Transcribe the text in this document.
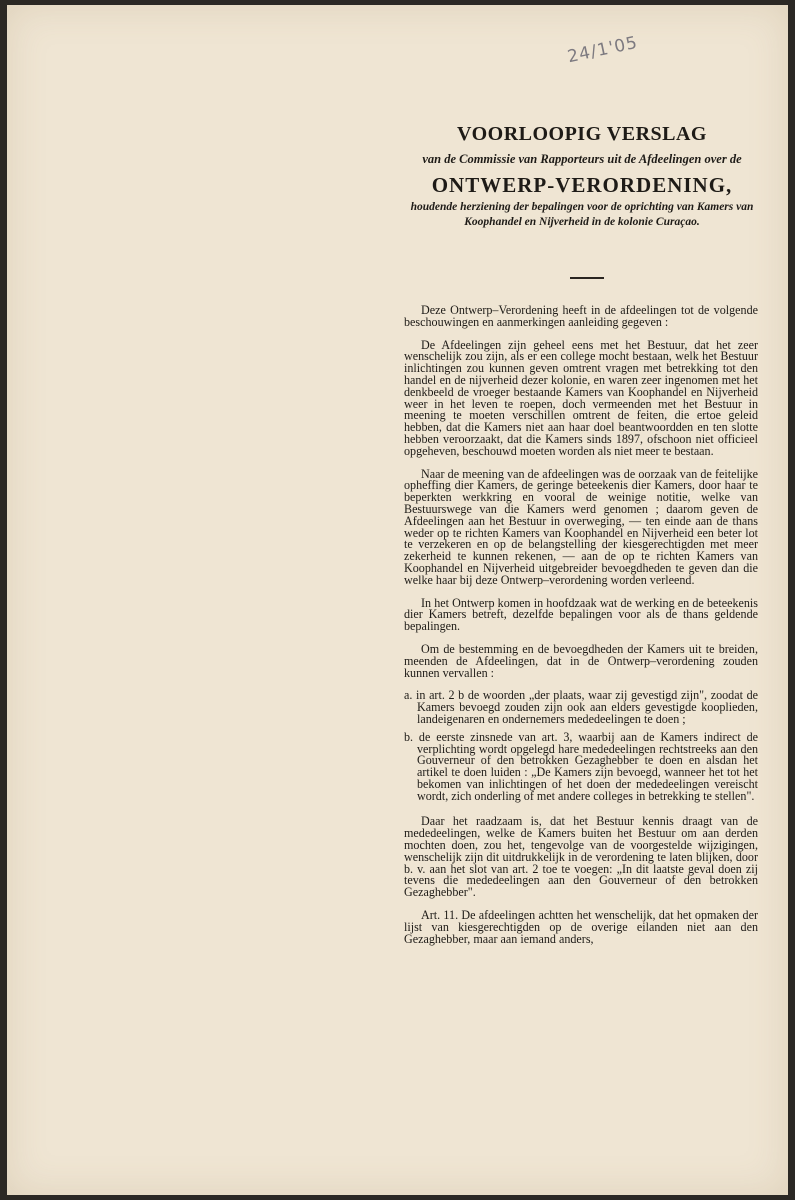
24/1'05
VOORLOOPIG VERSLAG
van de Commissie van Rapporteurs uit de Afdeelingen over de
ONTWERP-VERORDENING,
houdende herziening der bepalingen voor de oprichting van Kamers van Koophandel en Nijverheid in de kolonie Curaçao.

Deze Ontwerp–Verordening heeft in de afdeelingen tot de volgende beschouwingen en aanmerkingen aanleiding gegeven :

De Afdeelingen zijn geheel eens met het Bestuur, dat het zeer wenschelijk zou zijn, als er een college mocht bestaan, welk het Bestuur inlichtingen zou kunnen geven omtrent vragen met betrekking tot den handel en de nijverheid dezer kolonie, en waren zeer ingenomen met het denkbeeld de vroeger bestaande Kamers van Koophandel en Nijverheid weer in het leven te roepen, doch vermeenden met het Bestuur in meening te moeten verschillen omtrent de feiten, die ertoe geleid hebben, dat die Kamers niet aan haar doel beantwoordden en ten slotte hebben veroorzaakt, dat die Kamers sinds 1897, ofschoon niet officieel opgeheven, beschouwd moeten worden als niet meer te bestaan.

Naar de meening van de afdeelingen was de oorzaak van de feitelijke opheffing dier Kamers, de geringe beteekenis dier Kamers, door haar te beperkten werkkring en vooral de weinige notitie, welke van Bestuurswege van die Kamers werd genomen ; daarom geven de Afdeelingen aan het Bestuur in overweging, — ten einde aan de thans weder op te richten Kamers van Koophandel en Nijverheid een beter lot te verzekeren en op de belangstelling der kiesgerechtigden met meer zekerheid te kunnen rekenen, — aan de op te richten Kamers van Koophandel en Nijverheid uitgebreider bevoegdheden te geven dan die welke haar bij deze Ontwerp–verordening worden verleend.

In het Ontwerp komen in hoofdzaak wat de werking en de beteekenis dier Kamers betreft, dezelfde bepalingen voor als de thans geldende bepalingen.

Om de bestemming en de bevoegdheden der Kamers uit te breiden, meenden de Afdeelingen, dat in de Ontwerp–verordening zouden kunnen vervallen :

a. in art. 2 b de woorden „der plaats, waar zij gevestigd zijn", zoodat de Kamers bevoegd zouden zijn ook aan elders gevestigde kooplieden, landeigenaren en ondernemers mededeelingen te doen ;
b. de eerste zinsnede van art. 3, waarbij aan de Kamers indirect de verplichting wordt opgelegd hare mededeelingen rechtstreeks aan den Gouverneur of den betrokken Gezaghebber te doen en alsdan het artikel te doen luiden : „De Kamers zijn bevoegd, wanneer het tot het bekomen van inlichtingen of het doen der mededeelingen vereischt wordt, zich onderling of met andere colleges in betrekking te stellen".

Daar het raadzaam is, dat het Bestuur kennis draagt van de mededeelingen, welke de Kamers buiten het Bestuur om aan derden mochten doen, zou het, tengevolge van de voorgestelde wijzigingen, wenschelijk zijn dit uitdrukkelijk in de verordening te laten blijken, door b. v. aan het slot van art. 2 toe te voegen: „In dit laatste geval doen zij tevens die mededeelingen aan den Gouverneur of den betrokken Gezaghebber".

Art. 11. De afdeelingen achtten het wenschelijk, dat het opmaken der lijst van kiesgerechtigden op de overige eilanden niet aan den Gezaghebber, maar aan iemand anders,
